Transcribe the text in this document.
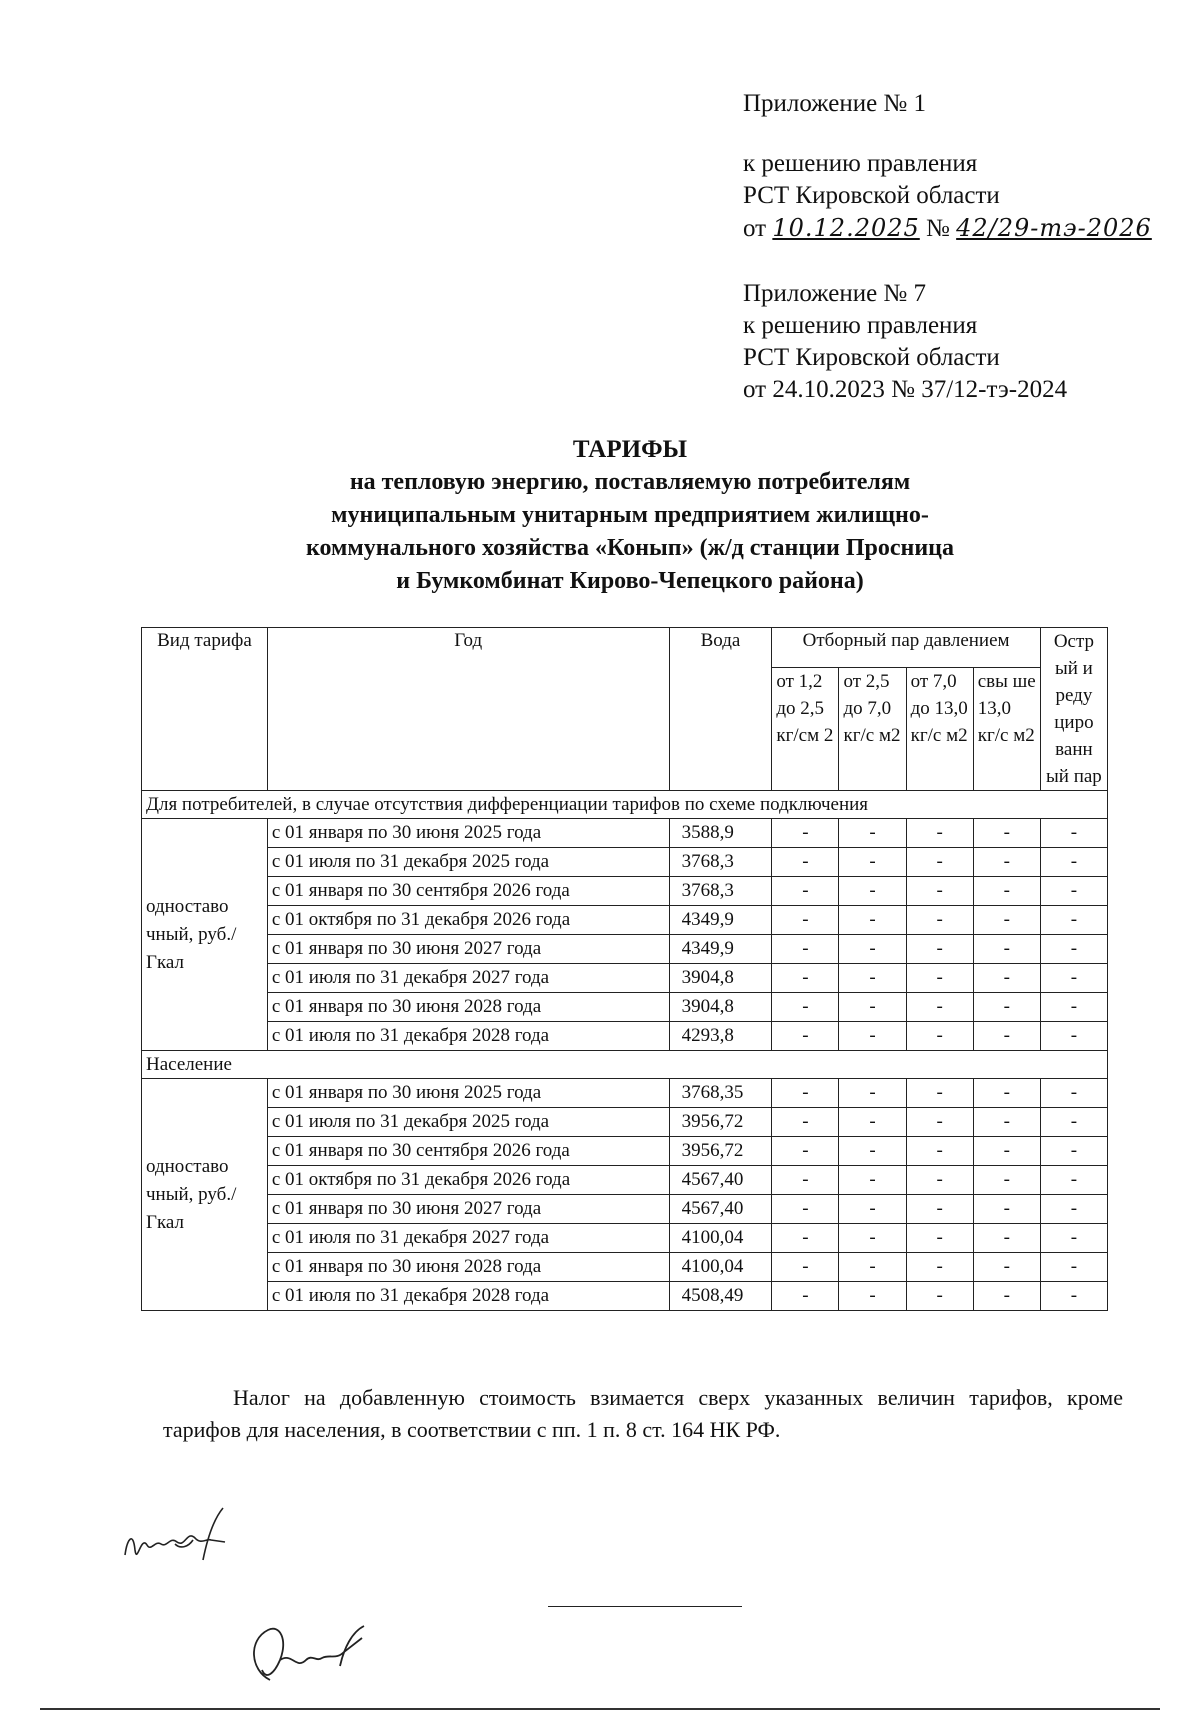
Приложение № 1
к решению правления
РСТ Кировской области
от 10.12.2025 № 42/29-тэ-2026
Приложение № 7
к решению правления
РСТ Кировской области
от 24.10.2023 № 37/12-тэ-2024
ТАРИФЫ
на тепловую энергию, поставляемую потребителям
муниципальным унитарным предприятием жилищно-
коммунального хозяйства «Конып» (ж/д станции Просница
и Бумкомбинат Кирово-Чепецкого района)
Вид тарифа	Год	Вода	Отборный пар давлением				Остр ый и реду циро ванн ый пар
			от 1,2 до 2,5 кг/см 2	от 2,5 до 7,0 кг/с м2	от 7,0 до 13,0 кг/с м2	свы ше 13,0 кг/с м2	
Для потребителей, в случае отсутствия дифференциации тарифов по схеме подключения							
одноставо чный, руб./Гкал	с 01 января по 30 июня 2025 года	3588,9	-	-	-	-	-
	с 01 июля по 31 декабря 2025 года	3768,3	-	-	-	-	-
	с 01 января по 30 сентября 2026 года	3768,3	-	-	-	-	-
	с 01 октября по 31 декабря 2026 года	4349,9	-	-	-	-	-
	с 01 января по 30 июня 2027 года	4349,9	-	-	-	-	-
	с 01 июля по 31 декабря 2027 года	3904,8	-	-	-	-	-
	с 01 января по 30 июня 2028 года	3904,8	-	-	-	-	-
	с 01 июля по 31 декабря 2028 года	4293,8	-	-	-	-	-
Население							
одноставо чный, руб./Гкал	с 01 января по 30 июня 2025 года	3768,35	-	-	-	-	-
	с 01 июля по 31 декабря 2025 года	3956,72	-	-	-	-	-
	с 01 января по 30 сентября 2026 года	3956,72	-	-	-	-	-
	с 01 октября по 31 декабря 2026 года	4567,40	-	-	-	-	-
	с 01 января по 30 июня 2027 года	4567,40	-	-	-	-	-
	с 01 июля по 31 декабря 2027 года	4100,04	-	-	-	-	-
	с 01 января по 30 июня 2028 года	4100,04	-	-	-	-	-
	с 01 июля по 31 декабря 2028 года	4508,49	-	-	-	-	-
Налог на добавленную стоимость взимается сверх указанных величин тарифов, кроме тарифов для населения, в соответствии с пп. 1 п. 8 ст. 164 НК РФ.
